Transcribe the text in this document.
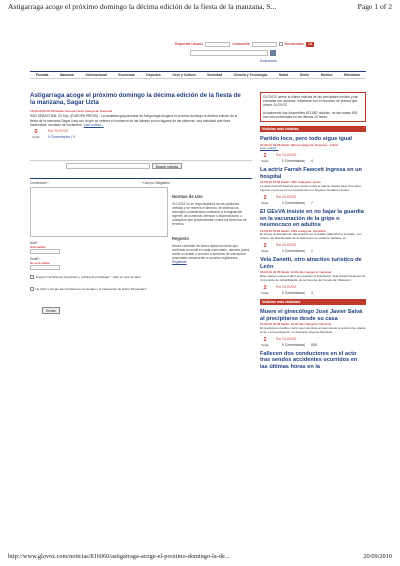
Astigarraga acoge el próximo domingo la décima edición de la fiesta de la manzana, S...	Page 1 of 2
Registrate Usuario	Contraseña	Recuérdame	Ok
Avanzado
Portada	Nacional	Internacional	Economía	Deportes	Ocio y Cultura	Sociedad	Ciencia y Tecnología	Salud	Gente	Medios	Miembros
Astigarraga acoge el próximo domingo la décima edición de la fiesta de la manzana, Sagar Uzta
18-09-2010 06:09 Medio: Europa press Categoría: Nacional
SAN SEBASTIÁN, 20 Sep. (EUROPA PRESS) - La localidad guipuzcoana de Astigarraga acogerá el próximo domingo la décima edición de la fiesta de la manzana Sagar Uzta con la que se celebra el comienzo de las labores en los lagares de las sidrerías, una actividad que lleva haciéndose 'mediado de noviembre. Leer noticia...
0
Votar
Por GLOVOZ
0 Comentarios | 0
Buscar noticias
Comentario*:	*Campo Obligatorio
Nick*:
Nick Fallido
Email*:
No será visible
Aceptar Condiciones Generales y política de privacidad *. Abrir en otra ventana
He leído y Acepto las Condiciones Generales y el tratamiento de Datos Personales*
Enviar
Normas de Uso

GLOVOZ no se responsabiliza de las opiniones vertidas y se reserva el derecho de eliminar los mensajes considerados contrarios a la legislación vigente, de contenido ofensivo o discriminatorio o cualquiera que pueda atentar contra los derechos de terceros.

Registro

Desea comentar de forma rápida sin tener que confirmar su email en cada comentario, además podrá incluir su avatar y acceder a servicios de suscripción reservados únicamente a usuarios registrados... Registrate

GLOVOZ ofrece la última noticias de las principales medios y las enviadas por usuarios. Infórmese con el resumen de prensa que ofrece GLOVOZ.

Actualmente hay disponibles 613.882 noticias, de las cuales 803 han sido publicadas en las últimas 24 horas.

Noticias más votadas
Partido loco, pero todo sigue igual
20-09-10 04:06 Medio: Marca Categoría: Deportes - Fútbol
Leer noticia...
2
Votar
Por GLOVOZ
0 Comentarios| 4
La actriz Farrah Fawcett ingresa en un hospital
19-09-10 04:06 Medio: ABC Categoría: Gente
La actriz Farrah Fawcett que lucha contra el cáncer desde hace tres años, ingresó el jueves en un hospital de Los Ángeles. Estados Unidos.
2
Votar
Por GLOVOZ
0 Comentarios| 7
El GEsVA insiste en no bajar la guardia en la vacunación de la gripe o neumococo en adultos
19-09-10 04:06 Medio: ADN Categoría: Sociedad
El Grupo de Estudio de Vacunación en el Adulto (GEsVA) ha insistido, con motivo del Día Mundial de la Salud que se celebra mañana, en
2
Votar
Por GLOVOZ
0 Comentarios| 1
Vela Zanetti, otro atractivo turístico de León
18-09-10 04:06 Medio: El Mundo Categoría: Nacional
Este martes vuelve a abrir sus puertas la Fundación Vela Zanetti después de un periodo de rehabilitación de la Casona del Conde de Villapérez.
2
Votar
Por GLOVOZ
0 Comentarios| 3
Noticias más visitadas
Muere el ginecólogo José Javier Salvá al precipitarse desde su casa
15-09-10 06:06 Medio: El Mundo Categoría: Nacional
El prestigioso médico murió ayer domingo al caer desde el quinto piso donde vivía. La investigación no descarta ninguna hipótesis.
2
Votar
Por GLOVOZ
9 Comentarios| 808
Fallecen dos conductores en el acto tras sendos accidentes ocurridos en las últimas horas en la
http://www.glovoz.com/noticias/816060/astigarraga-acoge-el-proximo-domingo-la-de...	20/09/2010
